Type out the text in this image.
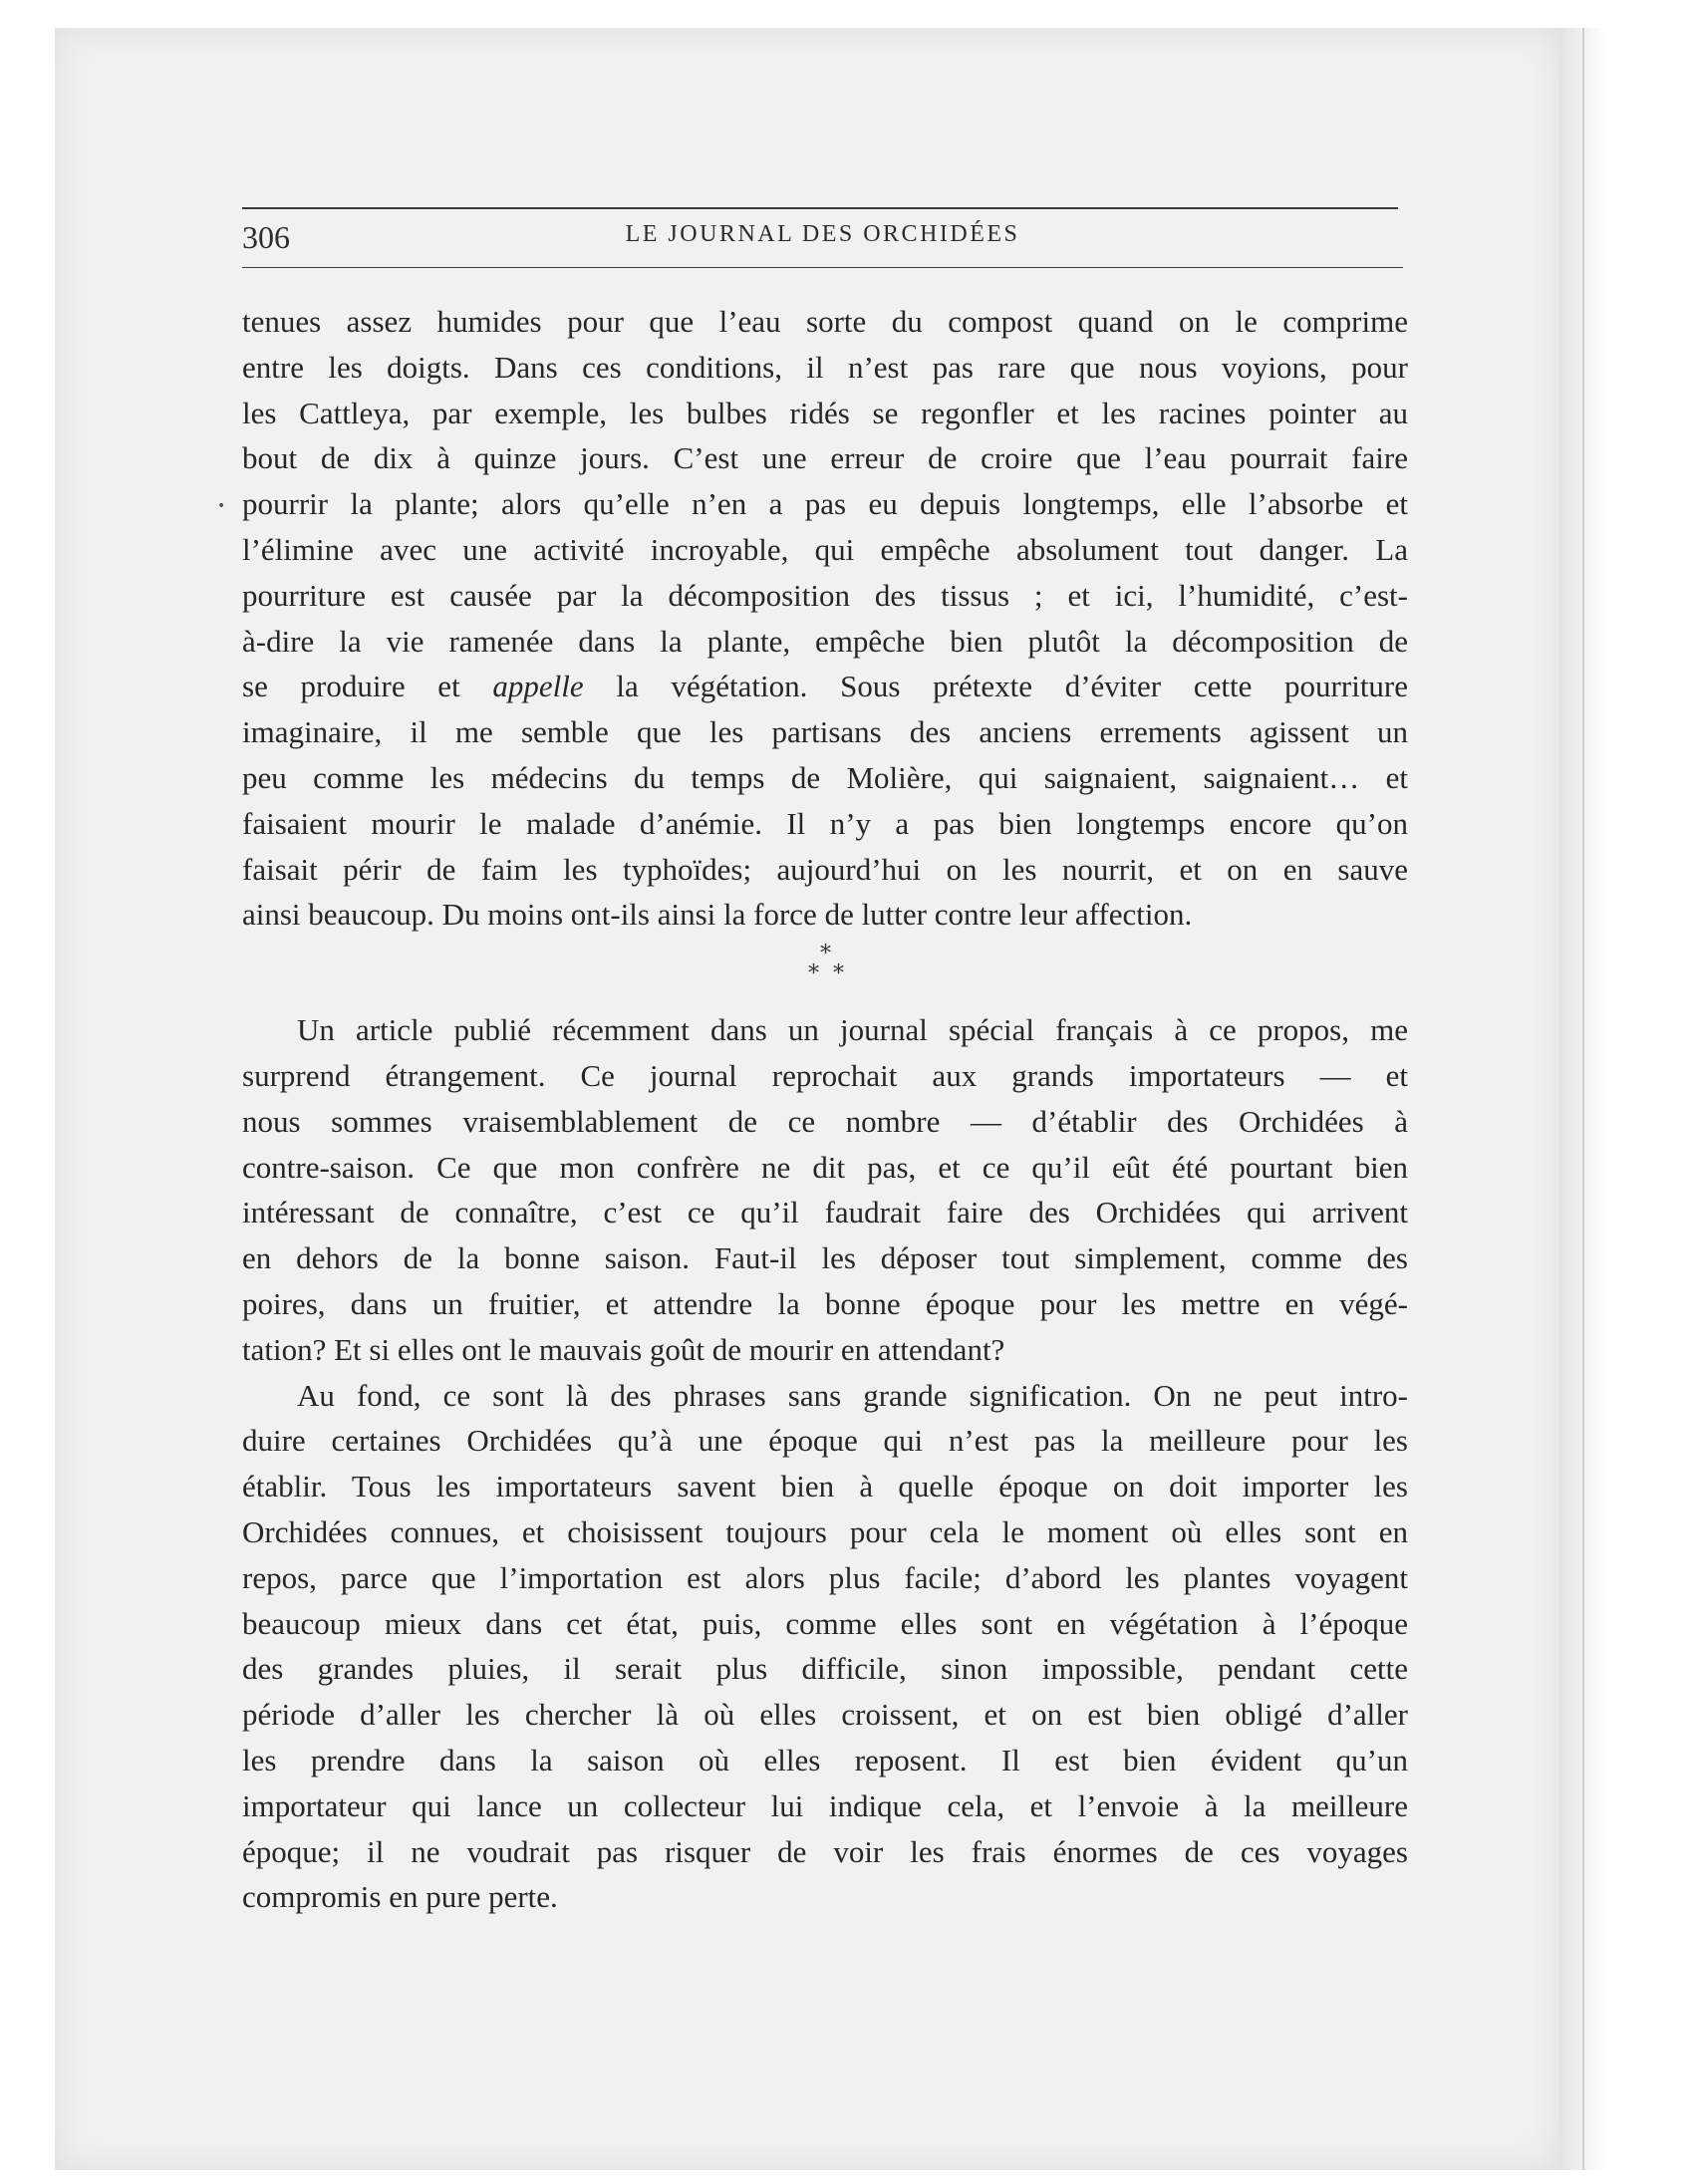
306	LE JOURNAL DES ORCHIDÉES
•
tenues assez humides pour que l’eau sorte du compost quand on le comprime
entre les doigts. Dans ces conditions, il n’est pas rare que nous voyions, pour
les Cattleya, par exemple, les bulbes ridés se regonfler et les racines pointer au
bout de dix à quinze jours. C’est une erreur de croire que l’eau pourrait faire
pourrir la plante; alors qu’elle n’en a pas eu depuis longtemps, elle l’absorbe et
l’élimine avec une activité incroyable, qui empêche absolument tout danger. La
pourriture est causée par la décomposition des tissus ; et ici, l’humidité, c’est-
à-dire la vie ramenée dans la plante, empêche bien plutôt la décomposition de
se produire et appelle la végétation. Sous prétexte d’éviter cette pourriture
imaginaire, il me semble que les partisans des anciens errements agissent un
peu comme les médecins du temps de Molière, qui saignaient, saignaient… et
faisaient mourir le malade d’anémie. Il n’y a pas bien longtemps encore qu’on
faisait périr de faim les typhoïdes; aujourd’hui on les nourrit, et on en sauve
ainsi beaucoup. Du moins ont-ils ainsi la force de lutter contre leur affection.
*
* *
Un article publié récemment dans un journal spécial français à ce propos, me
surprend étrangement. Ce journal reprochait aux grands importateurs — et
nous sommes vraisemblablement de ce nombre — d’établir des Orchidées à
contre-saison. Ce que mon confrère ne dit pas, et ce qu’il eût été pourtant bien
intéressant de connaître, c’est ce qu’il faudrait faire des Orchidées qui arrivent
en dehors de la bonne saison. Faut-il les déposer tout simplement, comme des
poires, dans un fruitier, et attendre la bonne époque pour les mettre en végé-
tation? Et si elles ont le mauvais goût de mourir en attendant?
Au fond, ce sont là des phrases sans grande signification. On ne peut intro-
duire certaines Orchidées qu’à une époque qui n’est pas la meilleure pour les
établir. Tous les importateurs savent bien à quelle époque on doit importer les
Orchidées connues, et choisissent toujours pour cela le moment où elles sont en
repos, parce que l’importation est alors plus facile; d’abord les plantes voyagent
beaucoup mieux dans cet état, puis, comme elles sont en végétation à l’époque
des grandes pluies, il serait plus difficile, sinon impossible, pendant cette
période d’aller les chercher là où elles croissent, et on est bien obligé d’aller
les prendre dans la saison où elles reposent. Il est bien évident qu’un
importateur qui lance un collecteur lui indique cela, et l’envoie à la meilleure
époque; il ne voudrait pas risquer de voir les frais énormes de ces voyages
compromis en pure perte.
